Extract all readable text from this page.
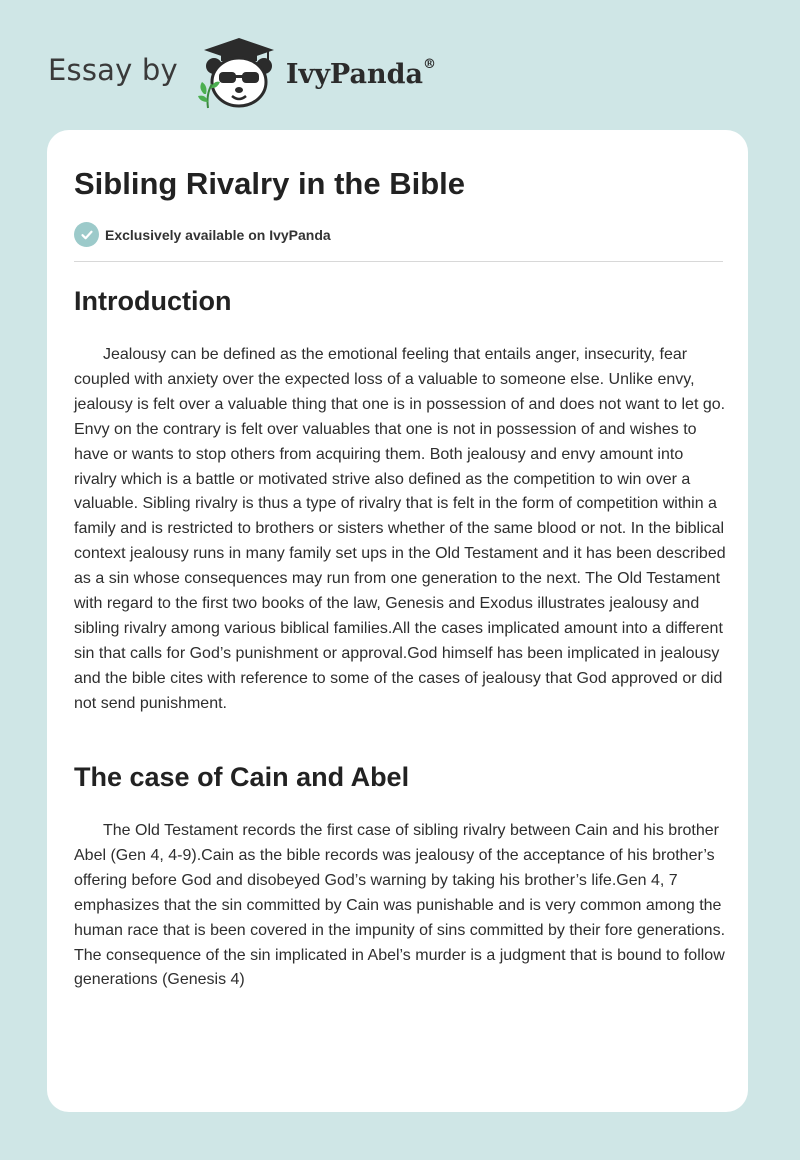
Essay by	IvyPanda®
Sibling Rivalry in the Bible
Exclusively available on IvyPanda
Introduction

Jealousy can be defined as the emotional feeling that entails anger, insecurity, fear coupled with anxiety over the expected loss of a valuable to someone else. Unlike envy, jealousy is felt over a valuable thing that one is in possession of and does not want to let go. Envy on the contrary is felt over valuables that one is not in possession of and wishes to have or wants to stop others from acquiring them. Both jealousy and envy amount into rivalry which is a battle or motivated strive also defined as the competition to win over a valuable. Sibling rivalry is thus a type of rivalry that is felt in the form of competition within a family and is restricted to brothers or sisters whether of the same blood or not. In the biblical context jealousy runs in many family set ups in the Old Testament and it has been described as a sin whose consequences may run from one generation to the next. The Old Testament with regard to the first two books of the law, Genesis and Exodus illustrates jealousy and sibling rivalry among various biblical families.All the cases implicated amount into a different sin that calls for God’s punishment or approval.God himself has been implicated in jealousy and the bible cites with reference to some of the cases of jealousy that God approved or did not send punishment.

The case of Cain and Abel

The Old Testament records the first case of sibling rivalry between Cain and his brother Abel (Gen 4, 4-9).Cain as the bible records was jealousy of the acceptance of his brother’s offering before God and disobeyed God’s warning by taking his brother’s life.Gen 4, 7 emphasizes that the sin committed by Cain was punishable and is very common among the human race that is been covered in the impunity of sins committed by their fore generations. The consequence of the sin implicated in Abel’s murder is a judgment that is bound to follow generations (Genesis 4)
